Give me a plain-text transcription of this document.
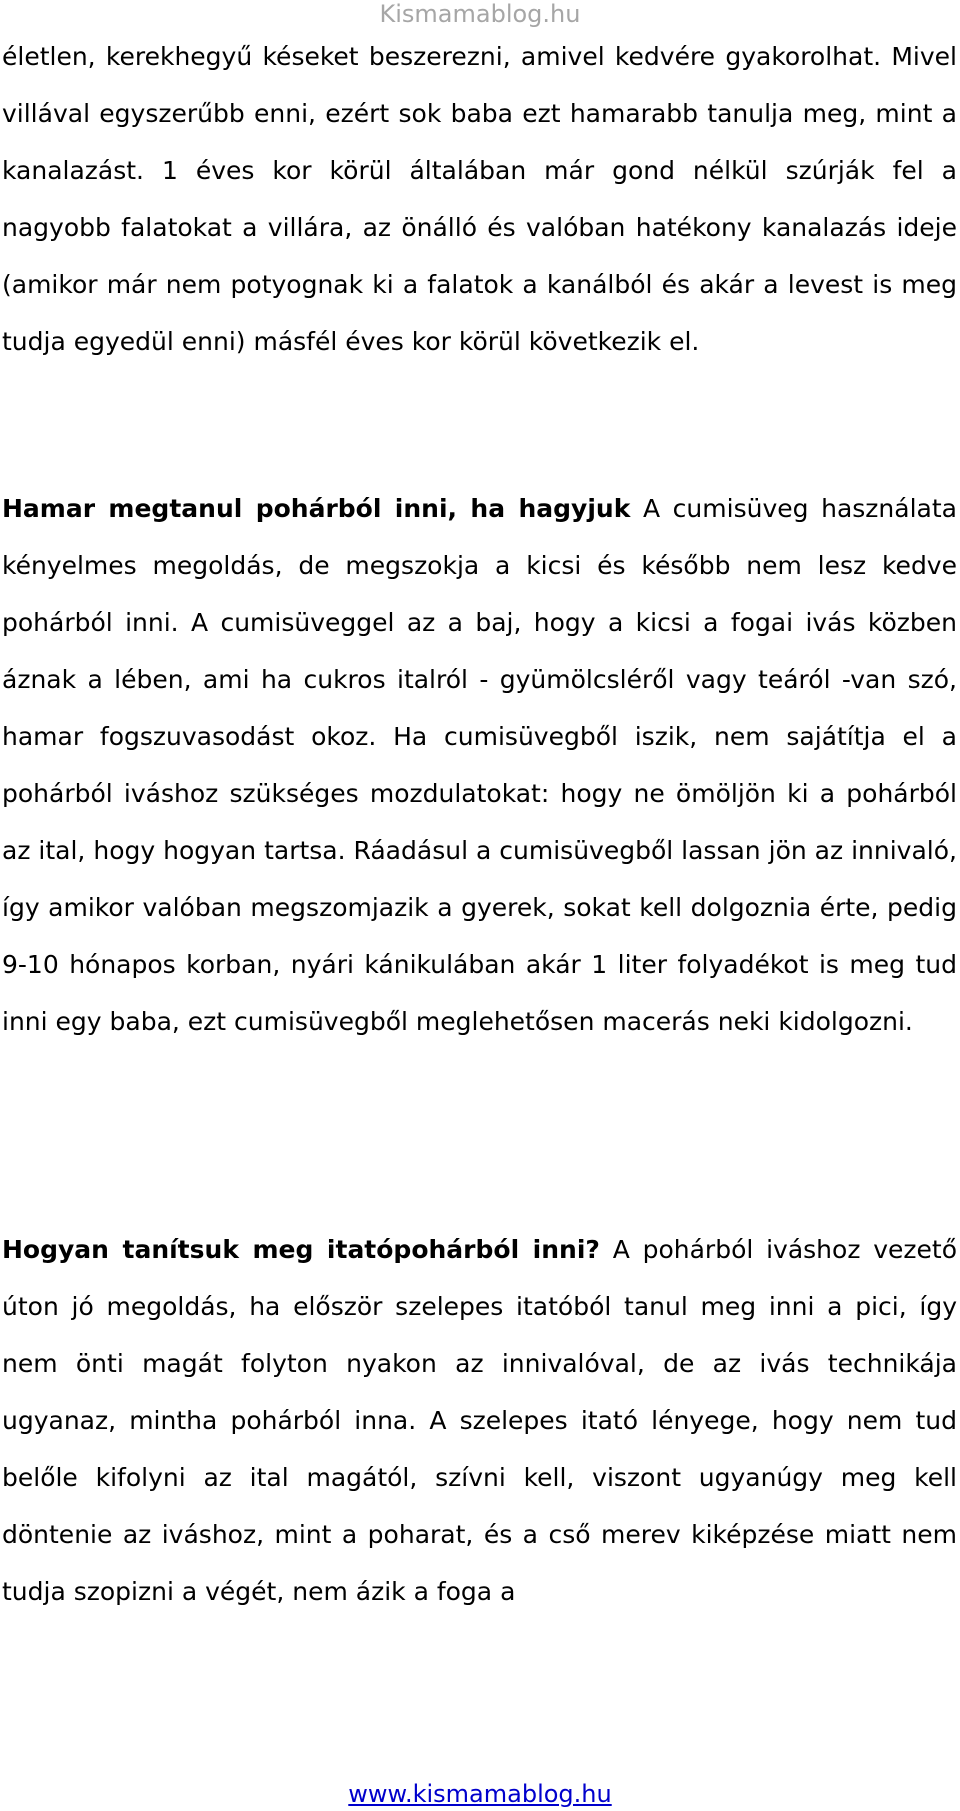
Kismamablog.hu

életlen, kerekhegyű késeket beszerezni, amivel kedvére gyakorolhat. Mivel villával egyszerűbb enni, ezért sok baba ezt hamarabb tanulja meg, mint a kanalazást. 1 éves kor körül általában már gond nélkül szúrják fel a nagyobb falatokat a villára, az önálló és valóban hatékony kanalazás ideje (amikor már nem potyognak ki a falatok a kanálból és akár a levest is meg tudja egyedül enni) másfél éves kor körül következik el.

Hamar megtanul pohárból inni, ha hagyjuk A cumisüveg használata kényelmes megoldás, de megszokja a kicsi és később nem lesz kedve pohárból inni. A cumisüveggel az a baj, hogy a kicsi a fogai ivás közben áznak a lében, ami ha cukros italról - gyümölcsléről vagy teáról -van szó, hamar fogszuvasodást okoz. Ha cumisüvegből iszik, nem sajátítja el a pohárból iváshoz szükséges mozdulatokat: hogy ne ömöljön ki a pohárból az ital, hogy hogyan tartsa. Ráadásul a cumisüvegből lassan jön az innivaló, így amikor valóban megszomjazik a gyerek, sokat kell dolgoznia érte, pedig 9-10 hónapos korban, nyári kánikulában akár 1 liter folyadékot is meg tud inni egy baba, ezt cumisüvegből meglehetősen macerás neki kidolgozni.

Hogyan tanítsuk meg itatópohárból inni? A pohárból iváshoz vezető úton jó megoldás, ha először szelepes itatóból tanul meg inni a pici, így nem önti magát folyton nyakon az innivalóval, de az ivás technikája ugyanaz, mintha pohárból inna. A szelepes itató lényege, hogy nem tud belőle kifolyni az ital magától, szívni kell, viszont ugyanúgy meg kell döntenie az iváshoz, mint a poharat, és a cső merev kiképzése miatt nem tudja szopizni a végét, nem ázik a foga a

www.kismamablog.hu
